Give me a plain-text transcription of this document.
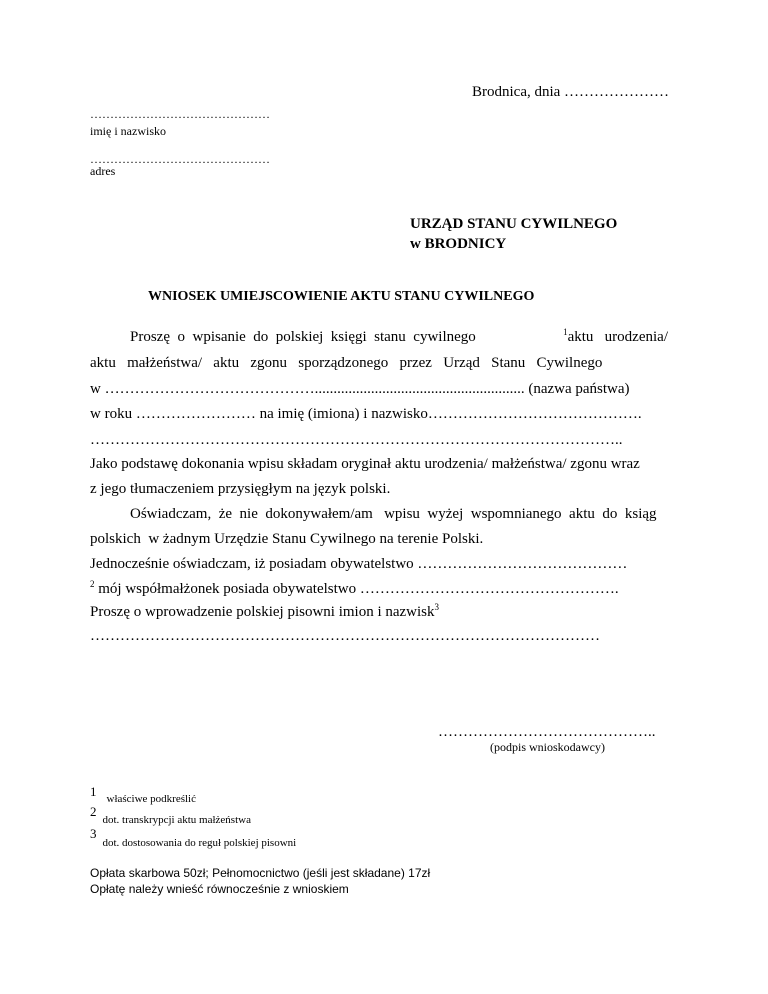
Brodnica, dnia …………………
………………………………………
imię i nazwisko
………………………………………
adres
URZĄD STANU CYWILNEGO
w BRODNICY
WNIOSEK UMIEJSCOWIENIE AKTU STANU CYWILNEGO
Proszę  o  wpisanie  do  polskiej  księgi  stanu  cywilnego	$^1$aktu   urodzenia/
aktu   małżeństwa/   aktu   zgonu   sporządzonego   przez   Urząd   Stanu   Cywilnego
w ……………………………………........................................................ (nazwa państwa)
w roku …………………… na imię (imiona) i nazwisko…………………………………….
……………………………………………………………………………………………..
Jako podstawę dokonania wpisu składam oryginał aktu urodzenia/ małżeństwa/ zgonu wraz
z jego tłumaczeniem przysięgłym na język polski.
Oświadczam,  że  nie  dokonywałem/am   wpisu  wyżej  wspomnianego  aktu  do  ksiąg
polskich  w żadnym Urzędzie Stanu Cywilnego na terenie Polski.
Jednocześnie oświadczam, iż posiadam obywatelstwo ……………………………………
$^2$ mój współmałżonek posiada obywatelstwo …………………………………………….
Proszę o wprowadzenie polskiej pisowni imion i nazwisk$^3$
…………………………………………………………………………………………
……………………………………..
(podpis wnioskodawcy)
1 $_{właściwe podkreślić}$
2 $_{dot. transkrypcji aktu małżeństwa}$
3 $_{dot. dostosowania do reguł polskiej pisowni}$
Opłata skarbowa 50zł; Pełnomocnictwo (jeśli jest składane) 17zł
Opłatę należy wnieść równocześnie z wnioskiem
